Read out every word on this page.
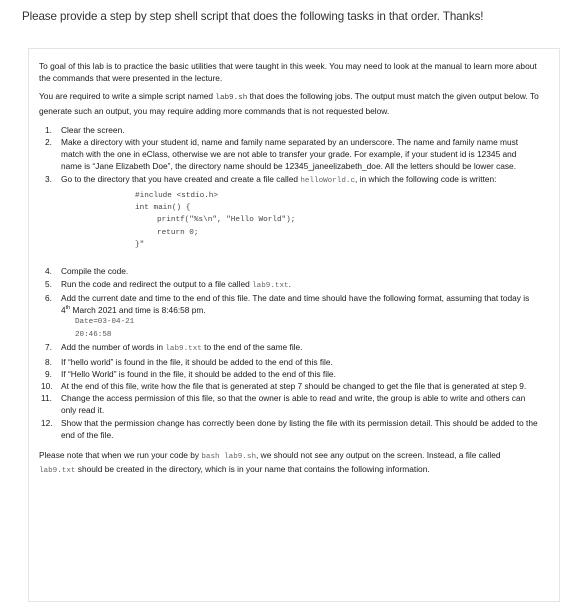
Please provide a step by step shell script that does the following tasks in that order. Thanks!

To goal of this lab is to practice the basic utilities that were taught in this week. You may need to look at the manual to learn more about the commands that were presented in the lecture.

You are required to write a simple script named lab9.sh that does the following jobs. The output must match the given output below. To generate such an output, you may require adding more commands that is not requested below.

1. Clear the screen.
2. Make a directory with your student id, name and family name separated by an underscore. The name and family name must match with the one in eClass, otherwise we are not able to transfer your grade. For example, if your student id is 12345 and name is “Jane Elizabeth Doe”, the directory name should be 12345_janeelizabeth_doe. All the letters should be lower case.
3. Go to the directory that you have created and create a file called helloWorld.c, in which the following code is written:
#include <stdio.h>
int main() {
printf("%s\n", "Hello World");
return 0;
}"
4. Compile the code.
5. Run the code and redirect the output to a file called lab9.txt.
6. Add the current date and time to the end of this file. The date and time should have the following format, assuming that today is 4th March 2021 and time is 8:46:58 pm.
Date=03-04-21
20:46:58
7. Add the number of words in lab9.txt to the end of the same file.
8. If “hello world” is found in the file, it should be added to the end of this file.
9. If “Hello World” is found in the file, it should be added to the end of this file.
10. At the end of this file, write how the file that is generated at step 7 should be changed to get the file that is generated at step 9.
11. Change the access permission of this file, so that the owner is able to read and write, the group is able to write and others can only read it.
12. Show that the permission change has correctly been done by listing the file with its permission detail. This should be added to the end of the file.

Please note that when we run your code by bash lab9.sh, we should not see any output on the screen. Instead, a file called lab9.txt should be created in the directory, which is in your name that contains the following information.
